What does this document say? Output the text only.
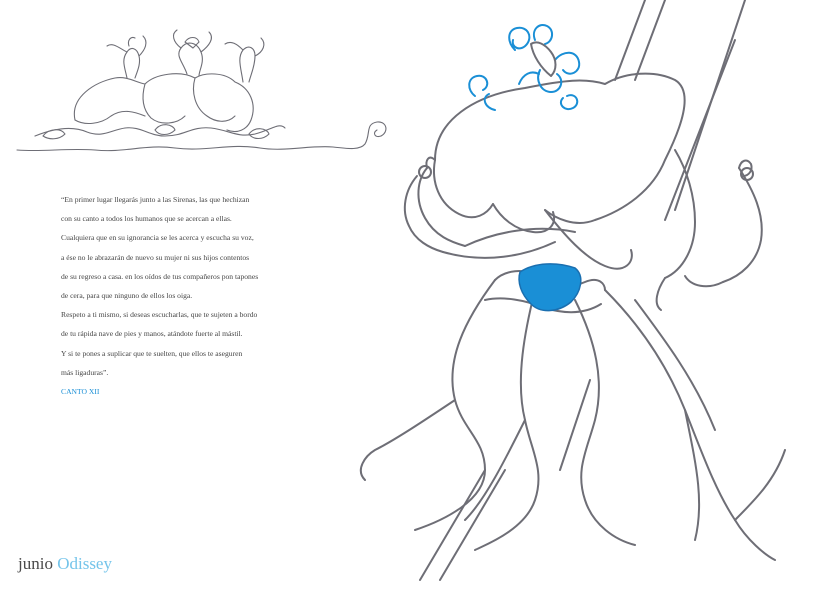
“En primer lugar llegarás junto a las Sirenas, las que hechizan
con su canto a todos los humanos que se acercan a ellas.
Cualquiera que en su ignorancia se les acerca y escucha su voz,
a ése no le abrazarán de nuevo su mujer ni sus hijos contentos
de su regreso a casa. en los oídos de tus compañeros pon tapones
de cera, para que ninguno de ellos los oiga.
Respeto a ti mismo, si deseas escucharlas, que te sujeten a bordo
de tu rápida nave de pies y manos, atándote fuerte al mástil.
Y si te pones a suplicar que te suelten, que ellos te aseguren
más ligaduras”.
CANTO XII
junio Odissey
